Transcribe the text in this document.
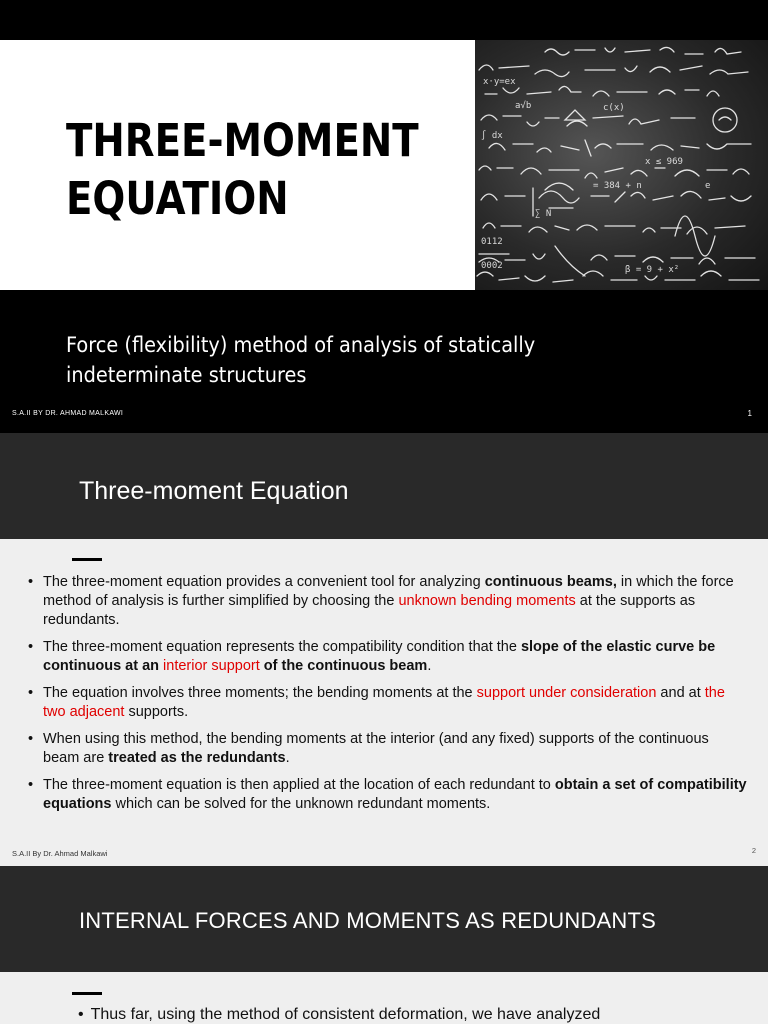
THREE-MOMENT
EQUATION
x·y=ex
a√b	c(x)
∫ dx
x ≤ 969
e
∑ N
= 384 + n
β = 9 + x²
0112
0002
Force (flexibility) method of analysis of statically
indeterminate structures
S.A.II BY DR. AHMAD MALKAWI	1
Three-moment Equation
• The three-moment equation provides a convenient tool for analyzing continuous beams, in which the force method of analysis is further simplified by choosing the unknown bending moments at the supports as redundants.
• The three-moment equation represents the compatibility condition that the slope of the elastic curve be continuous at an interior support of the continuous beam.
• The equation involves three moments; the bending moments at the support under consideration and at the two adjacent supports.
• When using this method, the bending moments at the interior (and any fixed) supports of the continuous beam are treated as the redundants.
• The three-moment equation is then applied at the location of each redundant to obtain a set of compatibility equations which can be solved for the unknown redundant moments.
S.A.II By Dr. Ahmad Malkawi	2
INTERNAL FORCES AND MOMENTS AS REDUNDANTS
• Thus far, using the method of consistent deformation, we have analyzed
